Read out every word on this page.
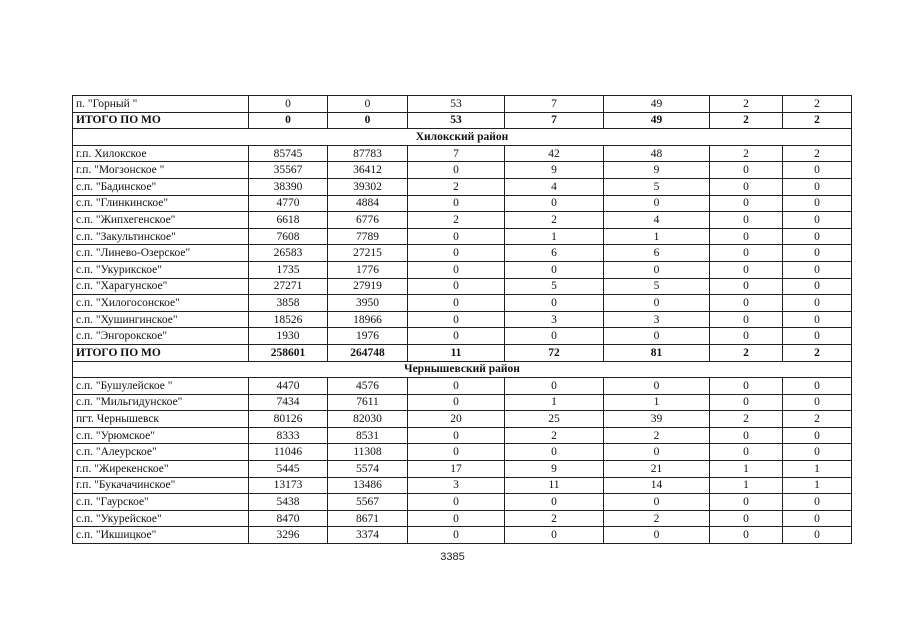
п. "Горный "	0	0	53	7	49	2	2
ИТОГО ПО МО	0	0	53	7	49	2	2
Хилокский район							
г.п. Хилокское	85745	87783	7	42	48	2	2
г.п. "Могзонское "	35567	36412	0	9	9	0	0
с.п. "Бадинское"	38390	39302	2	4	5	0	0
с.п. "Глинкинское"	4770	4884	0	0	0	0	0
с.п. "Жипхегенское"	6618	6776	2	2	4	0	0
с.п. "Закультинское"	7608	7789	0	1	1	0	0
с.п. "Линево-Озерское"	26583	27215	0	6	6	0	0
с.п. "Укурикское"	1735	1776	0	0	0	0	0
с.п. "Харагунское"	27271	27919	0	5	5	0	0
с.п. "Хилогосонское"	3858	3950	0	0	0	0	0
с.п. "Хушингинское"	18526	18966	0	3	3	0	0
с.п. "Энгорокское"	1930	1976	0	0	0	0	0
ИТОГО ПО МО	258601	264748	11	72	81	2	2
Чернышевский район							
с.п. "Бушулейское "	4470	4576	0	0	0	0	0
с.п. "Мильгидунское"	7434	7611	0	1	1	0	0
пгт. Чернышевск	80126	82030	20	25	39	2	2
с.п. "Урюмское"	8333	8531	0	2	2	0	0
с.п. "Алеурское"	11046	11308	0	0	0	0	0
г.п. "Жирекенское"	5445	5574	17	9	21	1	1
г.п. "Букачачинское"	13173	13486	3	11	14	1	1
с.п. "Гаурское"	5438	5567	0	0	0	0	0
с.п. "Укурейское"	8470	8671	0	2	2	0	0
с.п. "Икшицкое"	3296	3374	0	0	0	0	0
3385
